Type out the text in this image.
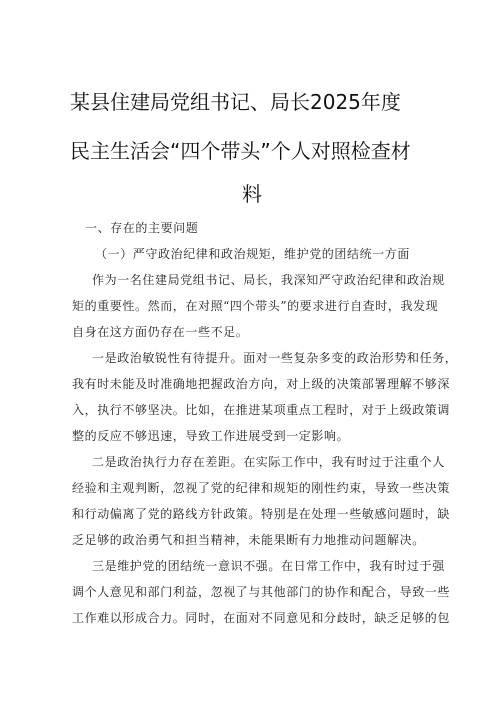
某县住建局党组书记、局长2025年度
民主生活会“四个带头”个人对照检查材
料
一、存在的主要问题
（一）严守政治纪律和政治规矩，维护党的团结统一方面
作为一名住建局党组书记、局长，我深知严守政治纪律和政治规
矩的重要性。然而，在对照“四个带头”的要求进行自查时，我发现
自身在这方面仍存在一些不足。
一是政治敏锐性有待提升。面对一些复杂多变的政治形势和任务，
我有时未能及时准确地把握政治方向，对上级的决策部署理解不够深
入，执行不够坚决。比如，在推进某项重点工程时，对于上级政策调
整的反应不够迅速，导致工作进展受到一定影响。
二是政治执行力存在差距。在实际工作中，我有时过于注重个人
经验和主观判断，忽视了党的纪律和规矩的刚性约束，导致一些决策
和行动偏离了党的路线方针政策。特别是在处理一些敏感问题时，缺
乏足够的政治勇气和担当精神，未能果断有力地推动问题解决。
三是维护党的团结统一意识不强。在日常工作中，我有时过于强
调个人意见和部门利益，忽视了与其他部门的协作和配合，导致一些
工作难以形成合力。同时，在面对不同意见和分歧时，缺乏足够的包
